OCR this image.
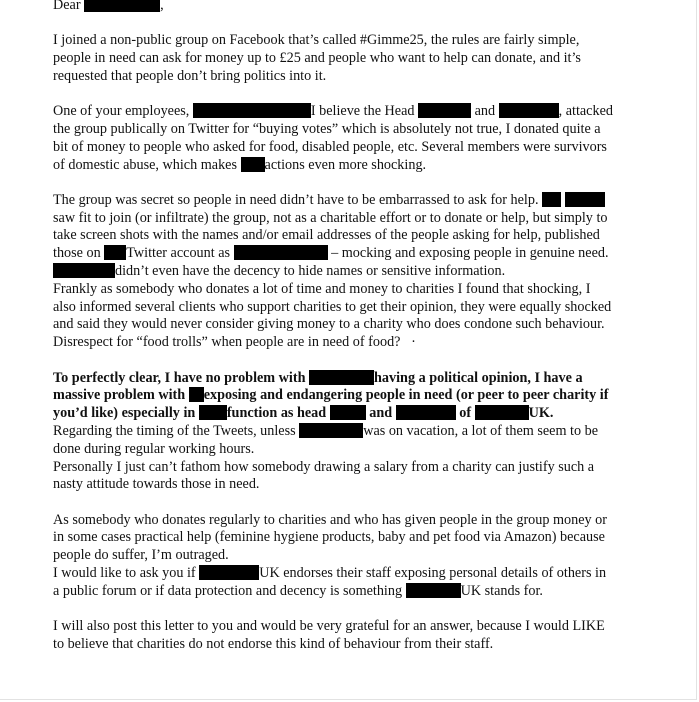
Dear	,

I joined a non-public group on Facebook that’s called #Gimme25, the rules are fairly simple, people in need can ask for money up to £25 and people who want to help can donate, and it’s requested that people don’t bring politics into it.

One of your employees,	I believe the Head	and	, attacked the group publically on Twitter for “buying votes” which is absolutely not true, I donated quite a bit of money to people who asked for food, disabled people, etc. Several members were survivors of domestic abuse, which makes actions even more shocking.

The group was secret so people in need didn’t have to be embarrassed to ask for help.  saw fit to join (or infiltrate) the group, not as a charitable effort or to donate or help, but simply to take screen shots with the names and/or email addresses of the people asking for help, published those on Twitter account as	– mocking and exposing people in genuine need. didn’t even have the decency to hide names or sensitive information.

Frankly as somebody who donates a lot of time and money to charities I found that shocking, I also informed several clients who support charities to get their opinion, they were equally shocked and said they would never consider giving money to a charity who does condone such behaviour. Disrespect for “food trolls” when people are in need of food? ·

To perfectly clear, I have no problem with	having a political opinion, I have a massive problem with exposing and endangering people in need (or peer to peer charity if you’d like) especially in function as head	and	of	UK.

Regarding the timing of the Tweets, unless	was on vacation, a lot of them seem to be done during regular working hours.

Personally I just can’t fathom how somebody drawing a salary from a charity can justify such a nasty attitude towards those in need.

As somebody who donates regularly to charities and who has given people in the group money or in some cases practical help (feminine hygiene products, baby and pet food via Amazon) because people do suffer, I’m outraged.

I would like to ask you if	UK endorses their staff exposing personal details of others in a public forum or if data protection and decency is something	UK stands for.

I will also post this letter to you and would be very grateful for an answer, because I would LIKE to believe that charities do not endorse this kind of behaviour from their staff.
